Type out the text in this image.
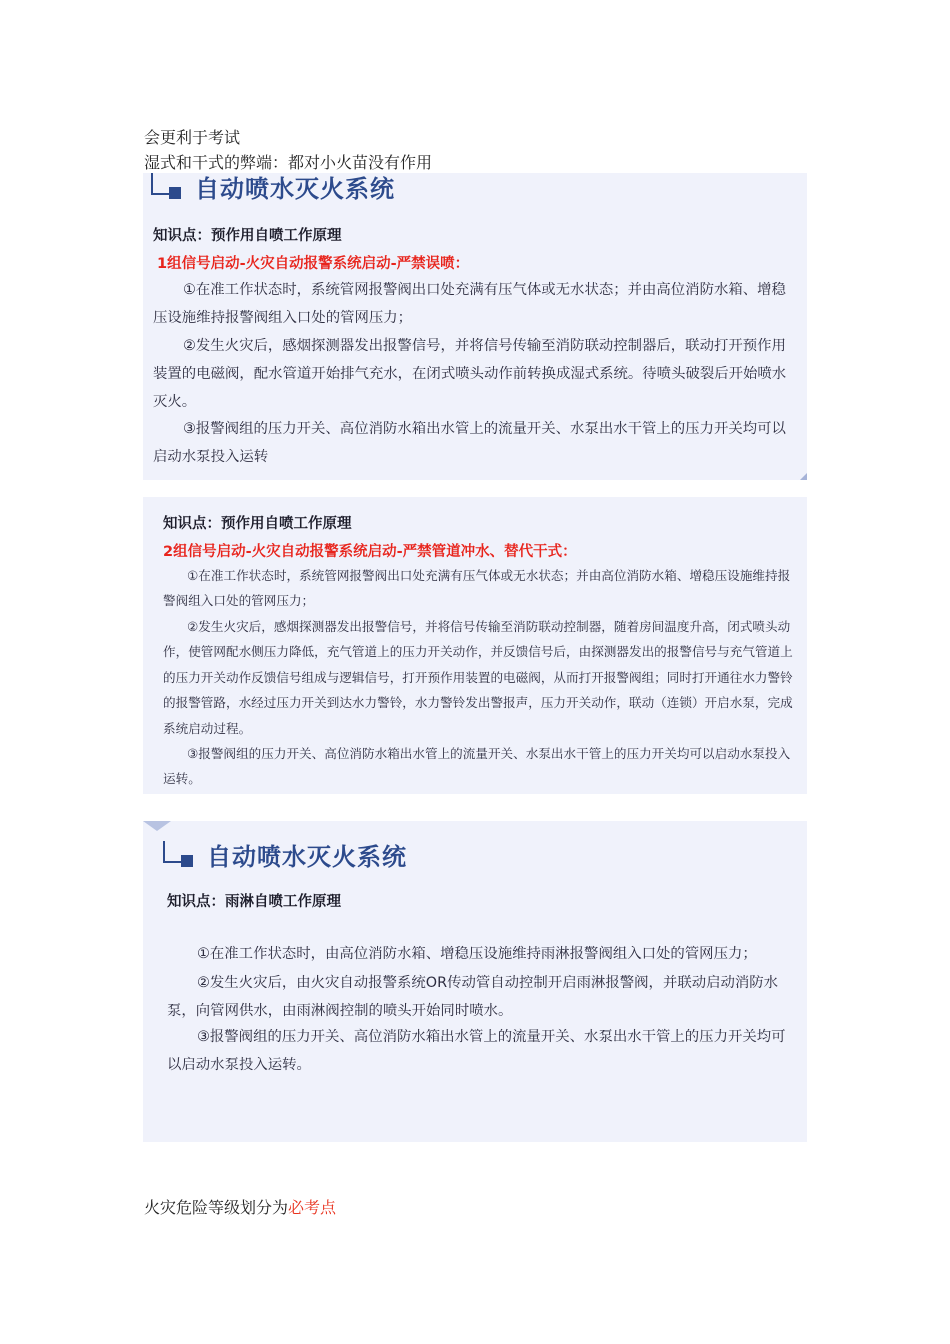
会更利于考试
湿式和干式的弊端：都对小火苗没有作用
自动喷水灭火系统
知识点：预作用自喷工作原理
1组信号启动-火灾自动报警系统启动-严禁误喷：

①在准工作状态时，系统管网报警阀出口处充满有压气体或无水状态；并由高位消防水箱、增稳压设施维持报警阀组入口处的管网压力；

②发生火灾后，感烟探测器发出报警信号，并将信号传输至消防联动控制器后，联动打开预作用装置的电磁阀，配水管道开始排气充水，在闭式喷头动作前转换成湿式系统。待喷头破裂后开始喷水灭火。

③报警阀组的压力开关、高位消防水箱出水管上的流量开关、水泵出水干管上的压力开关均可以启动水泵投入运转

知识点：预作用自喷工作原理
2组信号启动-火灾自动报警系统启动-严禁管道冲水、替代干式：

①在准工作状态时，系统管网报警阀出口处充满有压气体或无水状态；并由高位消防水箱、增稳压设施维持报警阀组入口处的管网压力；

②发生火灾后，感烟探测器发出报警信号，并将信号传输至消防联动控制器，随着房间温度升高，闭式喷头动作，使管网配水侧压力降低，充气管道上的压力开关动作，并反馈信号后，由探测器发出的报警信号与充气管道上的压力开关动作反馈信号组成与逻辑信号，打开预作用装置的电磁阀，从而打开报警阀组；同时打开通往水力警铃的报警管路，水经过压力开关到达水力警铃，水力警铃发出警报声，压力开关动作，联动（连锁）开启水泵，完成系统启动过程。

③报警阀组的压力开关、高位消防水箱出水管上的流量开关、水泵出水干管上的压力开关均可以启动水泵投入运转。

自动喷水灭火系统
知识点：雨淋自喷工作原理

①在准工作状态时，由高位消防水箱、增稳压设施维持雨淋报警阀组入口处的管网压力；

②发生火灾后，由火灾自动报警系统OR传动管自动控制开启雨淋报警阀，并联动启动消防水泵，向管网供水，由雨淋阀控制的喷头开始同时喷水。

③报警阀组的压力开关、高位消防水箱出水管上的流量开关、水泵出水干管上的压力开关均可以启动水泵投入运转。

火灾危险等级划分为必考点
